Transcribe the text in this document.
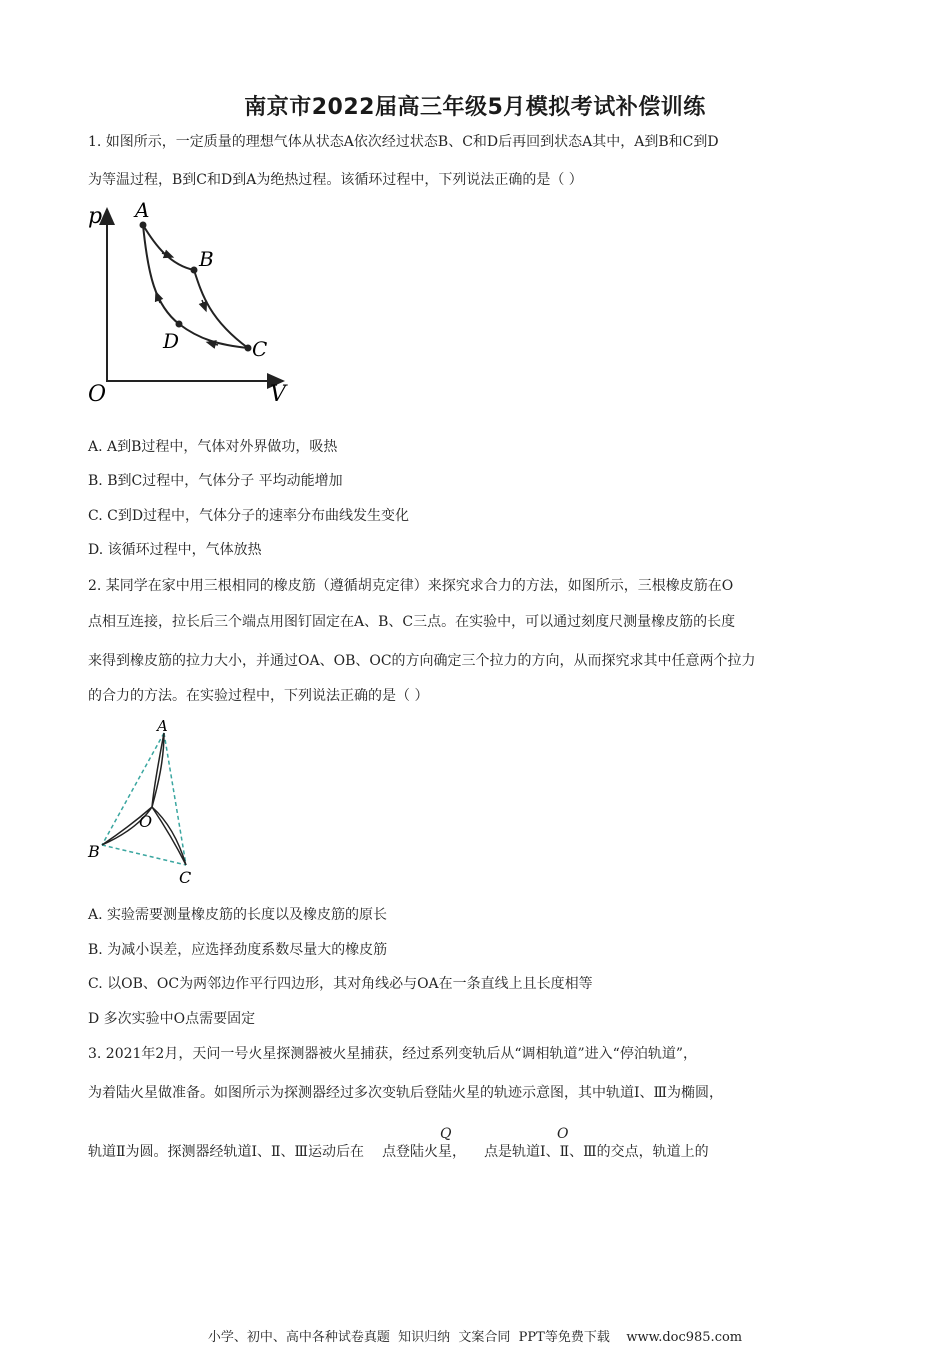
南京市2022届高三年级5月模拟考试补偿训练
1. 如图所示，一定质量的理想气体从状态A依次经过状态B、C和D后再回到状态A其中，A到B和C到D
为等温过程，B到C和D到A为绝热过程。该循环过程中，下列说法正确的是（ ）
p A
B
C
D
O	V
A. A到B过程中，气体对外界做功，吸热
B. B到C过程中，气体分子 平均动能增加
C. C到D过程中，气体分子的速率分布曲线发生变化
D. 该循环过程中，气体放热
2. 某同学在家中用三根相同的橡皮筋（遵循胡克定律）来探究求合力的方法，如图所示，三根橡皮筋在O
点相互连接，拉长后三个端点用图钉固定在A、B、C三点。在实验中，可以通过刻度尺测量橡皮筋的长度
来得到橡皮筋的拉力大小，并通过OA、OB、OC的方向确定三个拉力的方向，从而探究求其中任意两个拉力
的合力的方法。在实验过程中，下列说法正确的是（ ）
A
O
B
C
A. 实验需要测量橡皮筋的长度以及橡皮筋的原长
B. 为减小误差，应选择劲度系数尽量大的橡皮筋
C. 以OB、OC为两邻边作平行四边形，其对角线必与OA在一条直线上且长度相等
D 多次实验中O点需要固定
3. 2021年2月，天问一号火星探测器被火星捕获，经过系列变轨后从“调相轨道”进入“停泊轨道”，
为着陆火星做准备。如图所示为探测器经过多次变轨后登陆火星的轨迹示意图，其中轨道Ⅰ、Ⅲ为椭圆，
轨道Ⅱ为圆。探测器经轨道Ⅰ、Ⅱ、Ⅲ运动后在 点登陆火星， 点是轨道Ⅰ、Ⅱ、Ⅲ的交点，轨道上的
Q	O
小学、初中、高中各种试卷真题  知识归纳  文案合同  PPT等免费下载    www.doc985.com
